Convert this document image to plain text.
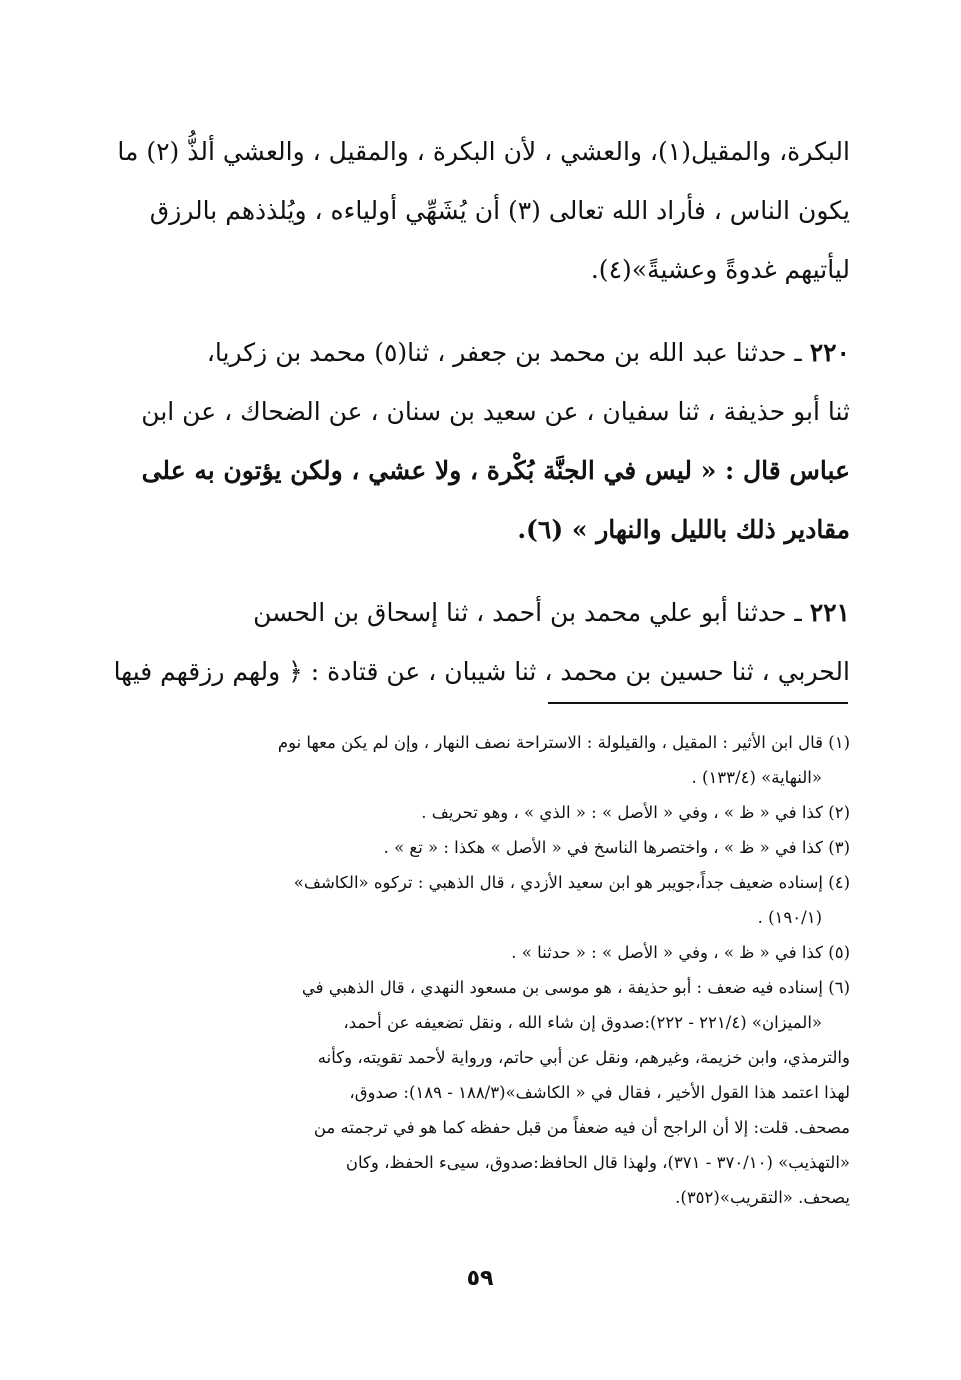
البكرة، والمقيل(١)، والعشي ، لأن البكرة ، والمقيل ، والعشي ألذُّ (٢) ما
يكون الناس ، فأراد الله تعالى (٣) أن يُشَهِّي أولياءه ، ويُلذذهم بالرزق
ليأتيهم غدوةً وعشيةً»(٤).
٢٢٠ ـ حدثنا عبد الله بن محمد بن جعفر ، ثنا(٥) محمد بن زكريا،
ثنا أبو حذيفة ، ثنا سفيان ، عن سعيد بن سنان ، عن الضحاك ، عن ابن
عباس قال : « ليس في الجنَّة بُكْرة ، ولا عشي ، ولكن يؤتون به على
مقادير ذلك بالليل والنهار » (٦).
٢٢١ ـ حدثنا أبو علي محمد بن أحمد ، ثنا إسحاق بن الحسن
الحربي ، ثنا حسين بن محمد ، ثنا شيبان ، عن قتادة : ﴿ ولهم رزقهم فيها
(١) قال ابن الأثير : المقيل ، والقيلولة : الاستراحة نصف النهار ، وإن لم يكن معها نوم
«النهاية» (١٣٣/٤) .
(٢) كذا في « ظ » ، وفي « الأصل » : « الذي » ، وهو تحريف .
(٣) كذا في « ظ » ، واختصرها الناسخ في « الأصل » هكذا : « تع » .
(٤) إسناده ضعيف جداً،جويبر هو ابن سعيد الأزدي ، قال الذهبي : تركوه «الكاشف»
(١٩٠/١) .
(٥) كذا في « ظ » ، وفي « الأصل » : « حدثنا » .
(٦) إسناده فيه ضعف : أبو حذيفة ، هو موسى بن مسعود النهدي ، قال الذهبي في
«الميزان» (٢٢١/٤ - ٢٢٢):صدوق إن شاء الله ، ونقل تضعيفه عن أحمد،
والترمذي، وابن خزيمة، وغيرهم، ونقل عن أبي حاتم، ورواية لأحمد تقويته، وكأنه
لهذا اعتمد هذا القول الأخير ، فقال في « الكاشف»(١٨٨/٣ - ١٨٩): صدوق،
مصحف. قلت: إلا أن الراجح أن فيه ضعفاً من قبل حفظه كما هو في ترجمته من
«التهذيب» (٣٧٠/١٠ - ٣٧١)، ولهذا قال الحافظ:صدوق، سيىء الحفظ، وكان
يصحف. «التقريب»(٣٥٢).
٥٩
